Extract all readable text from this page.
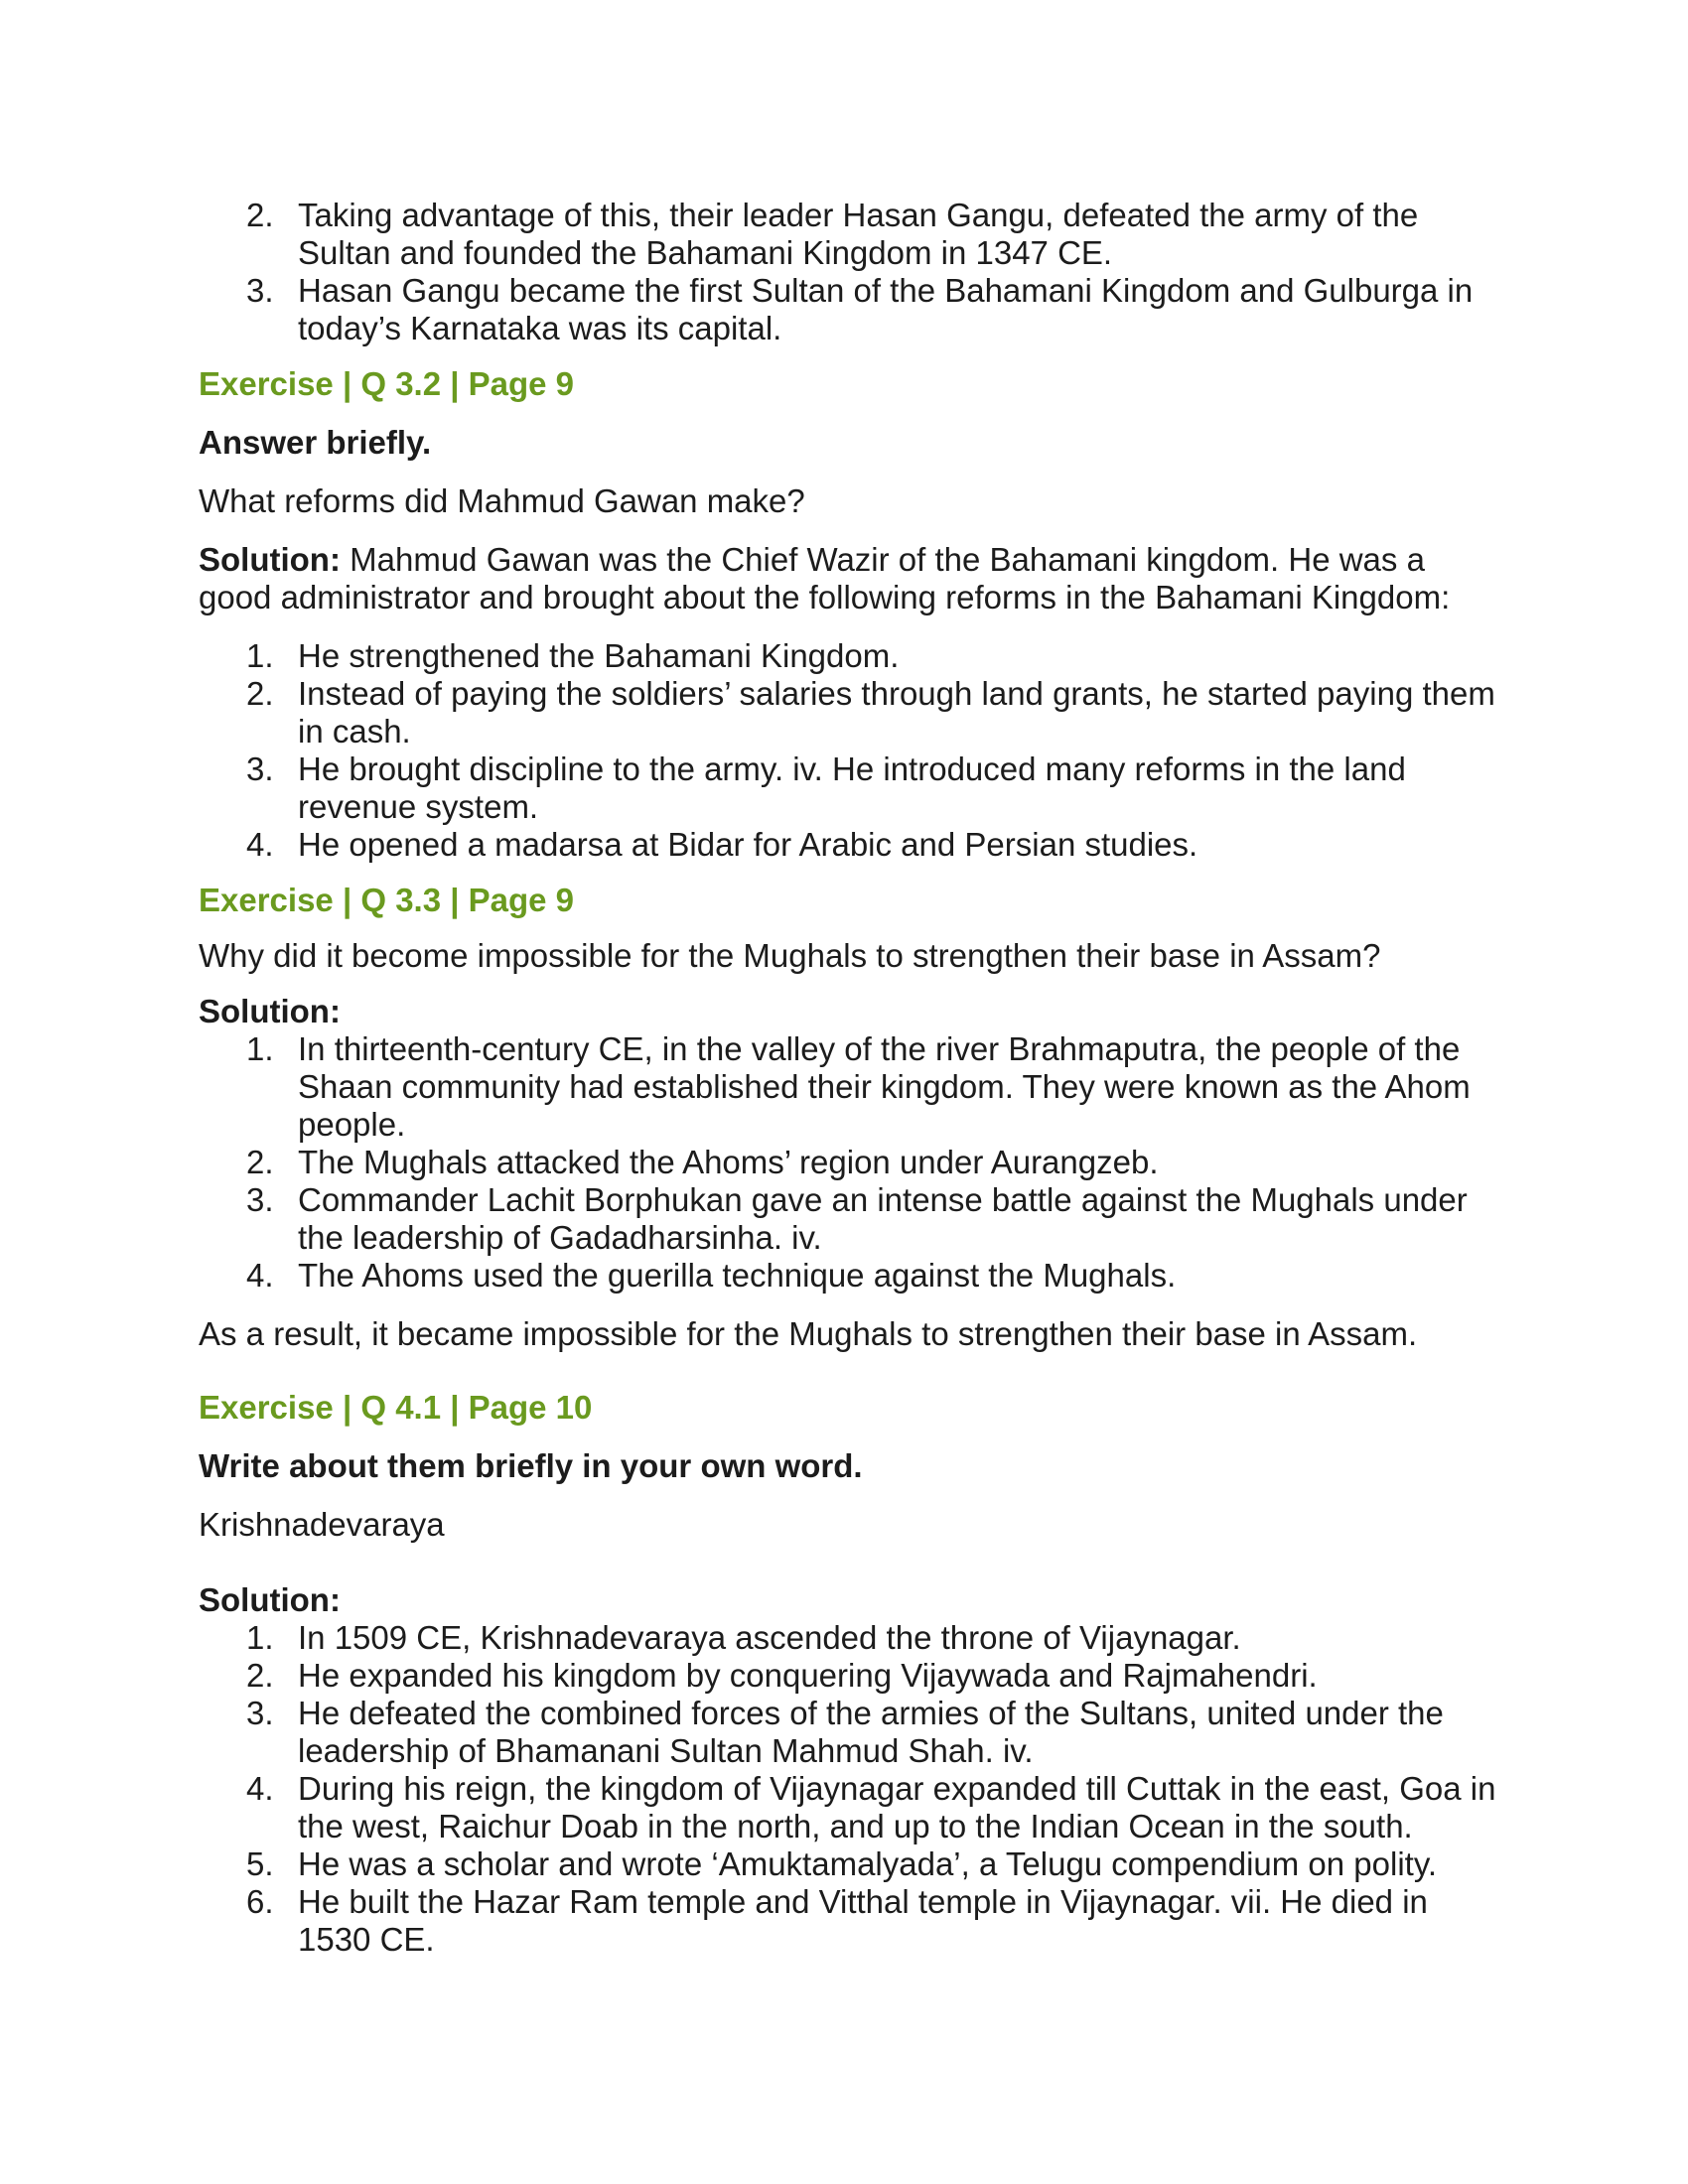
2. Taking advantage of this, their leader Hasan Gangu, defeated the army of the Sultan and founded the Bahamani Kingdom in 1347 CE.
3. Hasan Gangu became the first Sultan of the Bahamani Kingdom and Gulburga in today’s Karnataka was its capital.

Exercise | Q 3.2 | Page 9

Answer briefly.

What reforms did Mahmud Gawan make?

Solution: Mahmud Gawan was the Chief Wazir of the Bahamani kingdom. He was a good administrator and brought about the following reforms in the Bahamani Kingdom:

1. He strengthened the Bahamani Kingdom.
2. Instead of paying the soldiers’ salaries through land grants, he started paying them in cash.
3. He brought discipline to the army. iv. He introduced many reforms in the land revenue system.
4. He opened a madarsa at Bidar for Arabic and Persian studies.

Exercise | Q 3.3 | Page 9

Why did it become impossible for the Mughals to strengthen their base in Assam?

Solution:

1. In thirteenth-century CE, in the valley of the river Brahmaputra, the people of the Shaan community had established their kingdom. They were known as the Ahom people.
2. The Mughals attacked the Ahoms’ region under Aurangzeb.
3. Commander Lachit Borphukan gave an intense battle against the Mughals under the leadership of Gadadharsinha. iv.
4. The Ahoms used the guerilla technique against the Mughals.

As a result, it became impossible for the Mughals to strengthen their base in Assam.

Exercise | Q 4.1 | Page 10

Write about them briefly in your own word.

Krishnadevaraya

Solution:

1. In 1509 CE, Krishnadevaraya ascended the throne of Vijaynagar.
2. He expanded his kingdom by conquering Vijaywada and Rajmahendri.
3. He defeated the combined forces of the armies of the Sultans, united under the leadership of Bhamanani Sultan Mahmud Shah. iv.
4. During his reign, the kingdom of Vijaynagar expanded till Cuttak in the east, Goa in the west, Raichur Doab in the north, and up to the Indian Ocean in the south.
5. He was a scholar and wrote ‘Amuktamalyada’, a Telugu compendium on polity.
6. He built the Hazar Ram temple and Vitthal temple in Vijaynagar. vii. He died in 1530 CE.
